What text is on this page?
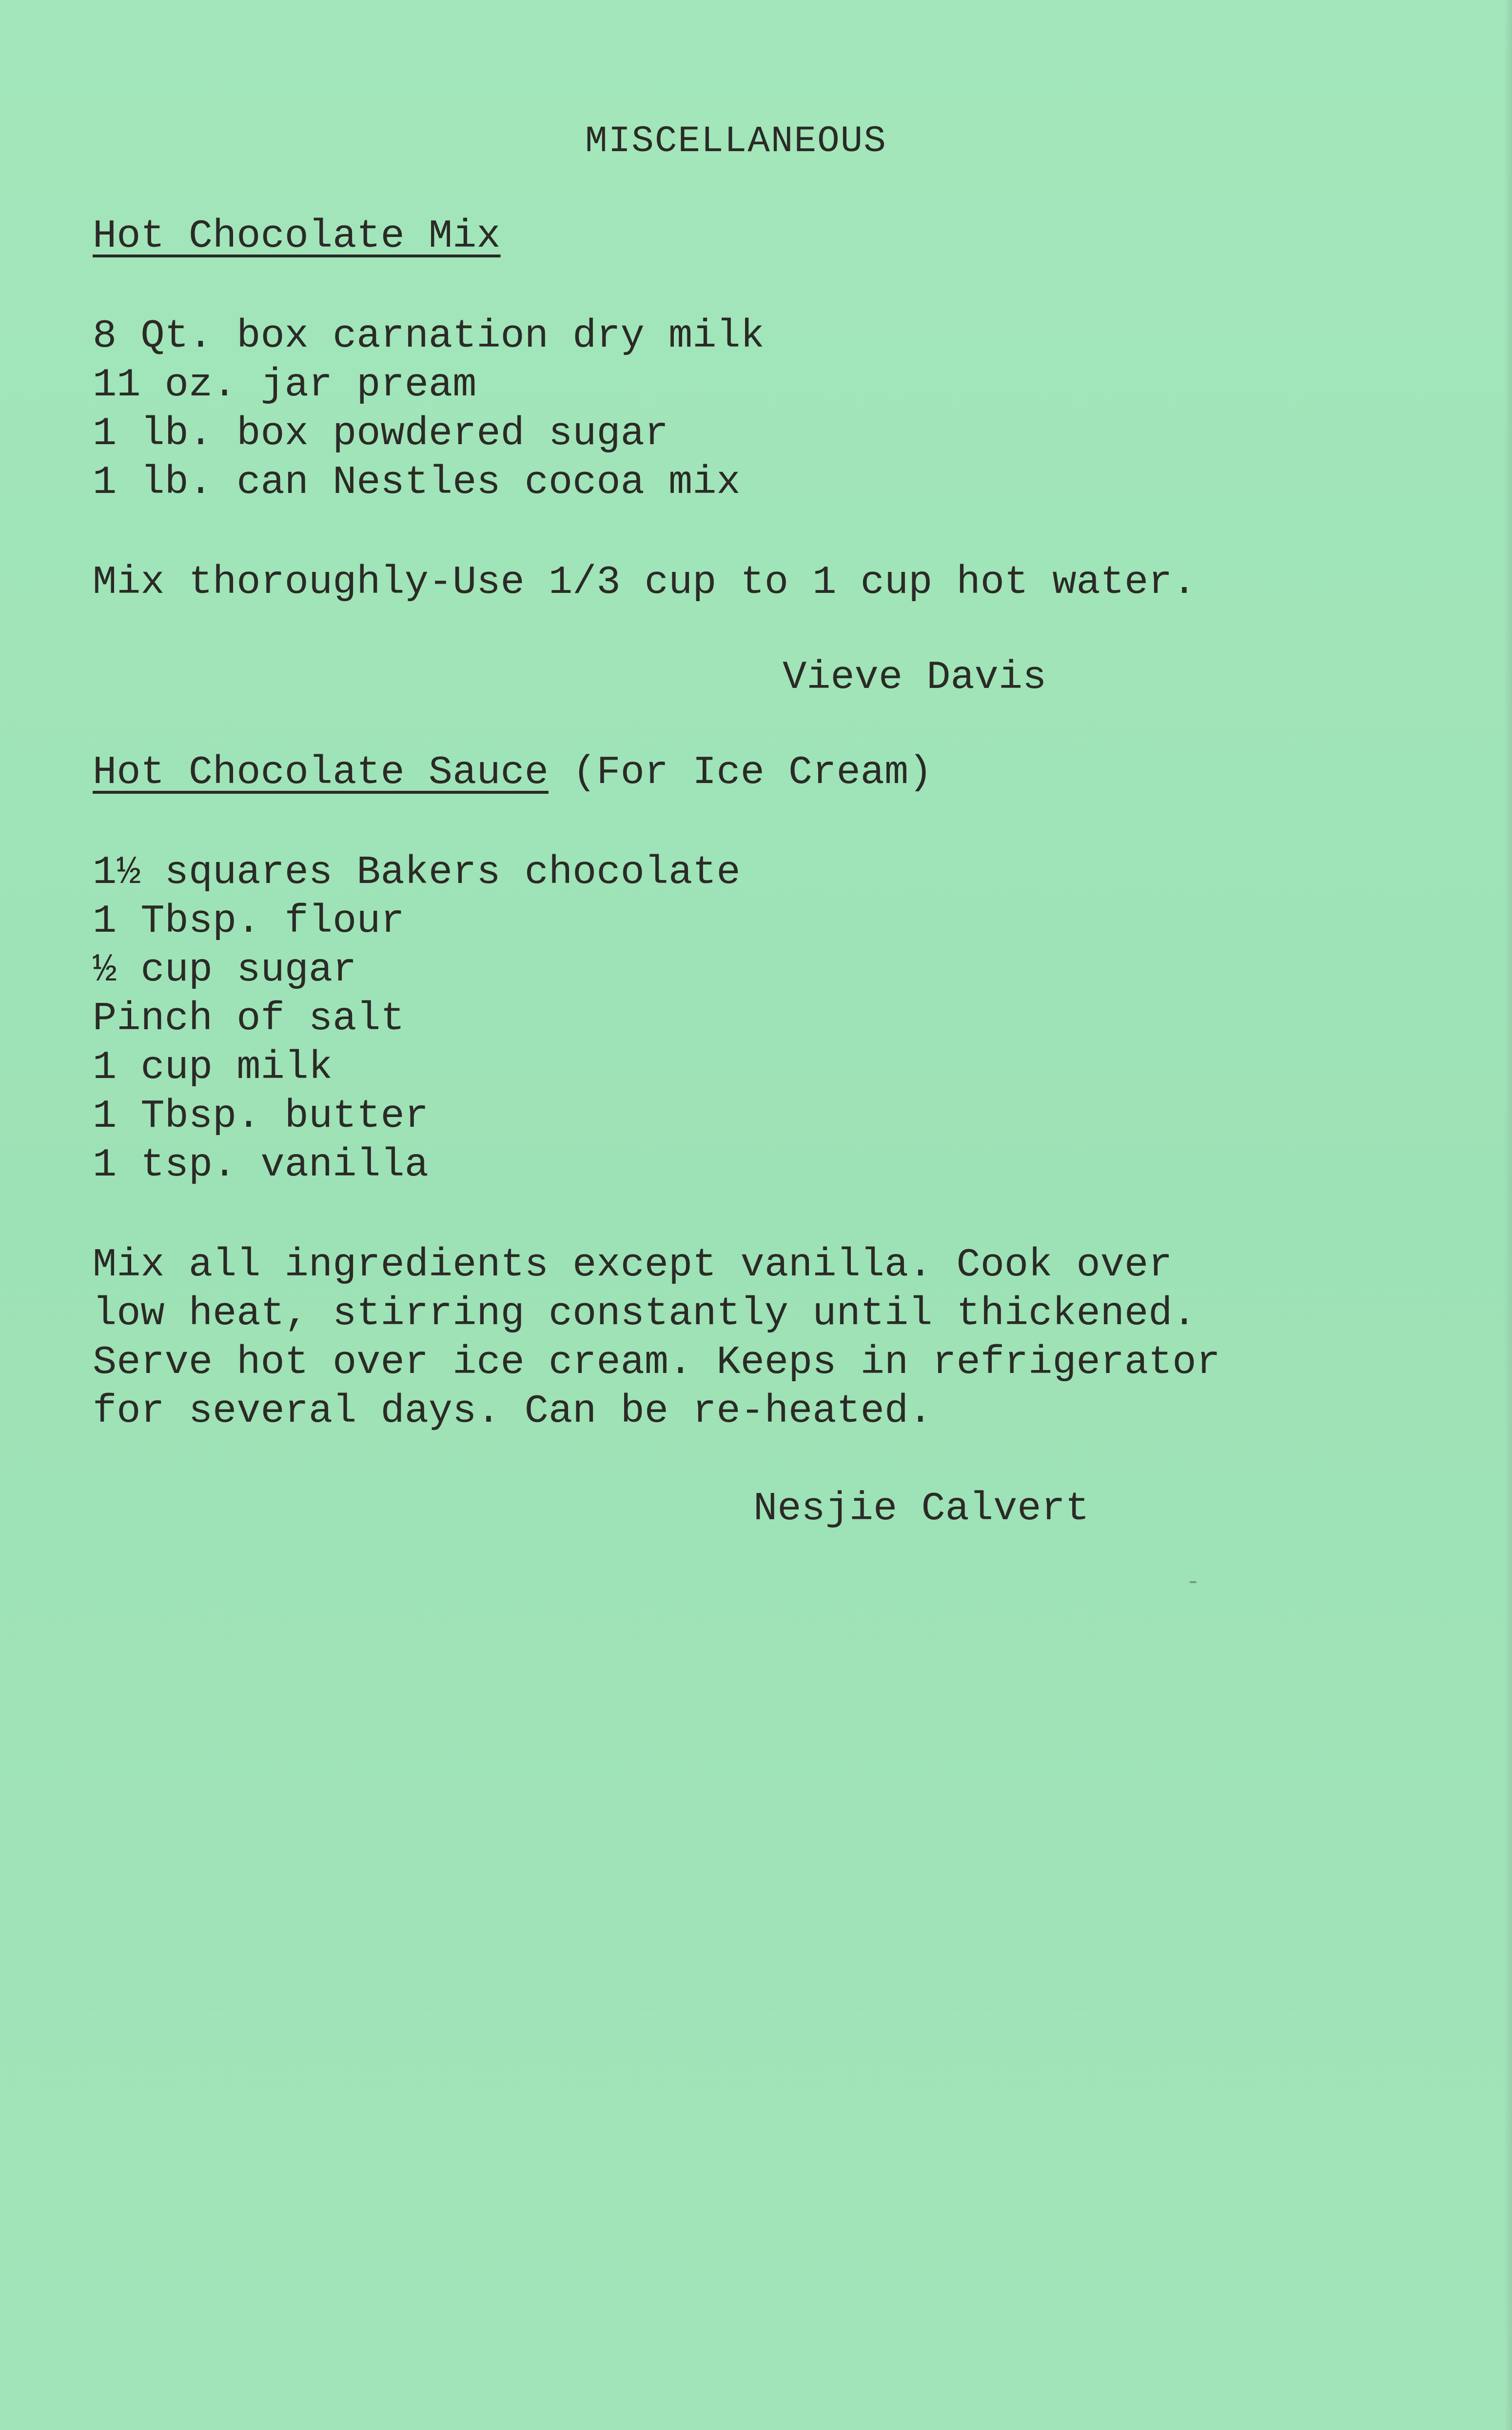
MISCELLANEOUS
Hot Chocolate Mix
8 Qt. box carnation dry milk
11 oz. jar pream
1 lb. box powdered sugar
1 lb. can Nestles cocoa mix
Mix thoroughly-Use 1/3 cup to 1 cup hot water.
Vieve Davis
Hot Chocolate Sauce (For Ice Cream)
1½ squares Bakers chocolate
1 Tbsp. flour
½ cup sugar
Pinch of salt
1 cup milk
1 Tbsp. butter
1 tsp. vanilla
Mix all ingredients except vanilla. Cook over
low heat, stirring constantly until thickened.
Serve hot over ice cream. Keeps in refrigerator
for several days. Can be re-heated.
Nesjie Calvert
